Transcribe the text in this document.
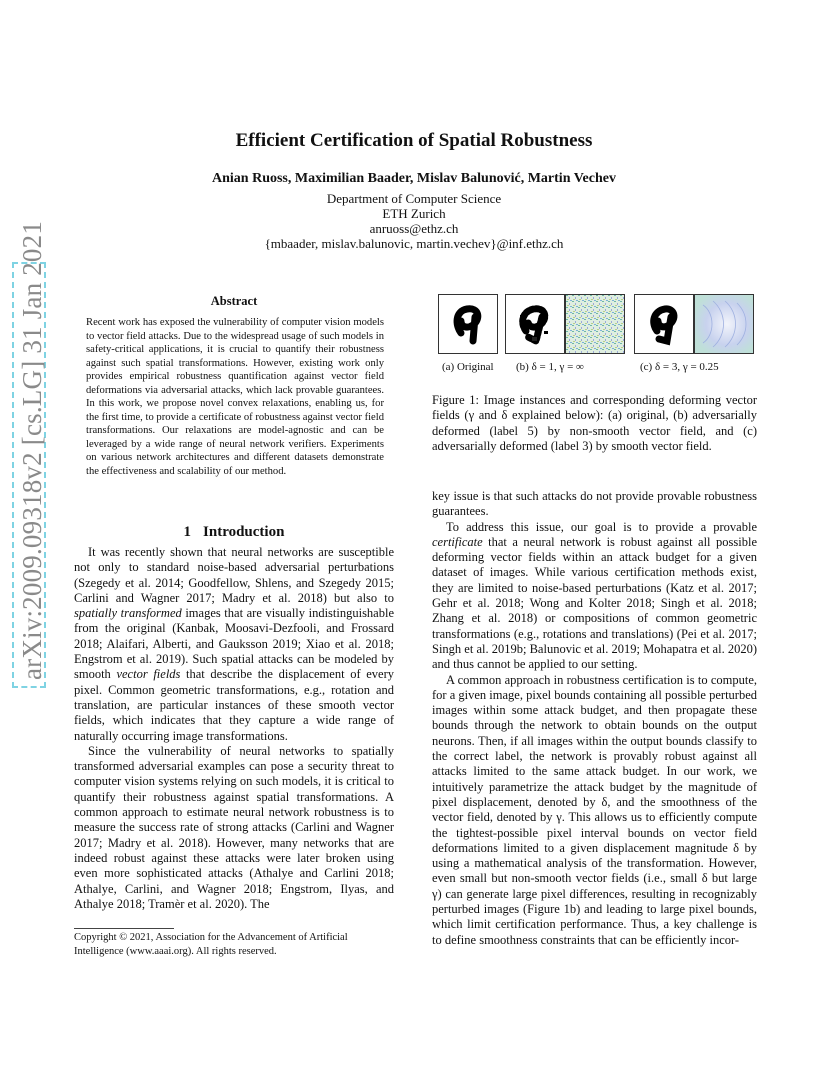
arXiv:2009.09318v2 [cs.LG] 31 Jan 2021
Efficient Certification of Spatial Robustness
Anian Ruoss, Maximilian Baader, Mislav Balunović, Martin Vechev
Department of Computer Science
ETH Zurich
anruoss@ethz.ch
{mbaader, mislav.balunovic, martin.vechev}@inf.ethz.ch
Abstract
Recent work has exposed the vulnerability of computer vision models to vector field attacks. Due to the widespread usage of such models in safety-critical applications, it is crucial to quantify their robustness against such spatial transformations. However, existing work only provides empirical robustness quantification against vector field deformations via adversarial attacks, which lack provable guarantees. In this work, we propose novel convex relaxations, enabling us, for the first time, to provide a certificate of robustness against vector field transformations. Our relaxations are model-agnostic and can be leveraged by a wide range of neural network verifiers. Experiments on various network architectures and different datasets demonstrate the effectiveness and scalability of our method.
1 Introduction

It was recently shown that neural networks are susceptible not only to standard noise-based adversarial perturbations (Szegedy et al. 2014; Goodfellow, Shlens, and Szegedy 2015; Carlini and Wagner 2017; Madry et al. 2018) but also to spatially transformed images that are visually indistinguishable from the original (Kanbak, Moosavi-Dezfooli, and Frossard 2018; Alaifari, Alberti, and Gauksson 2019; Xiao et al. 2018; Engstrom et al. 2019). Such spatial attacks can be modeled by smooth vector fields that describe the displacement of every pixel. Common geometric transformations, e.g., rotation and translation, are particular instances of these smooth vector fields, which indicates that they capture a wide range of naturally occurring image transformations.

Since the vulnerability of neural networks to spatially transformed adversarial examples can pose a security threat to computer vision systems relying on such models, it is critical to quantify their robustness against spatial transformations. A common approach to estimate neural network robustness is to measure the success rate of strong attacks (Carlini and Wagner 2017; Madry et al. 2018). However, many networks that are indeed robust against these attacks were later broken using even more sophisticated attacks (Athalye and Carlini 2018; Athalye, Carlini, and Wagner 2018; Engstrom, Ilyas, and Athalye 2018; Tramèr et al. 2020). The

Copyright © 2021, Association for the Advancement of Artificial Intelligence (www.aaai.org). All rights reserved.
(a) Original (b) δ = 1, γ = ∞	(c) δ = 3, γ = 0.25
Figure 1: Image instances and corresponding deforming vector fields (γ and δ explained below): (a) original, (b) adversarially deformed (label 5) by non-smooth vector field, and (c) adversarially deformed (label 3) by smooth vector field.

key issue is that such attacks do not provide provable robustness guarantees.

To address this issue, our goal is to provide a provable certificate that a neural network is robust against all possible deforming vector fields within an attack budget for a given dataset of images. While various certification methods exist, they are limited to noise-based perturbations (Katz et al. 2017; Gehr et al. 2018; Wong and Kolter 2018; Singh et al. 2018; Zhang et al. 2018) or compositions of common geometric transformations (e.g., rotations and translations) (Pei et al. 2017; Singh et al. 2019b; Balunovic et al. 2019; Mohapatra et al. 2020) and thus cannot be applied to our setting.

A common approach in robustness certification is to compute, for a given image, pixel bounds containing all possible perturbed images within some attack budget, and then propagate these bounds through the network to obtain bounds on the output neurons. Then, if all images within the output bounds classify to the correct label, the network is provably robust against all attacks limited to the same attack budget. In our work, we intuitively parametrize the attack budget by the magnitude of pixel displacement, denoted by δ, and the smoothness of the vector field, denoted by γ. This allows us to efficiently compute the tightest-possible pixel interval bounds on vector field deformations limited to a given displacement magnitude δ by using a mathematical analysis of the transformation. However, even small but non-smooth vector fields (i.e., small δ but large γ) can generate large pixel differences, resulting in recognizably perturbed images (Figure 1b) and leading to large pixel bounds, which limit certification performance. Thus, a key challenge is to define smoothness constraints that can be efficiently incor-
